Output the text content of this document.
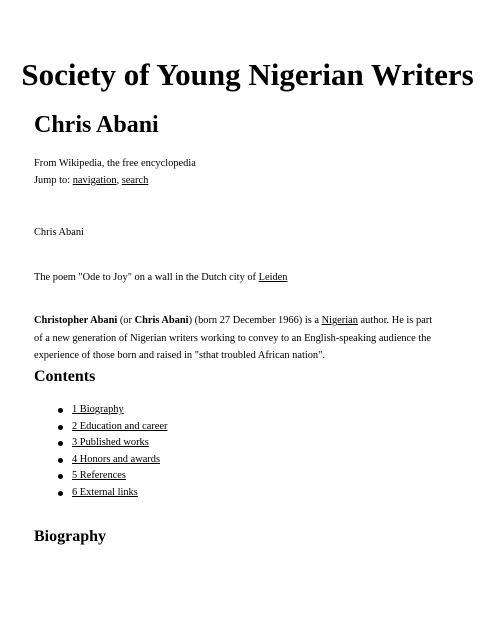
Society of Young Nigerian Writers
Chris Abani
From Wikipedia, the free encyclopedia
Jump to: navigation, search
Chris Abani
The poem "Ode to Joy" on a wall in the Dutch city of Leiden

Christopher Abani (or Chris Abani) (born 27 December 1966) is a Nigerian author. He is part

of a new generation of Nigerian writers working to convey to an English-speaking audience the

experience of those born and raised in "sthat troubled African nation".

Contents
1 Biography
2 Education and career
3 Published works
4 Honors and awards
5 References
6 External links
Biography
